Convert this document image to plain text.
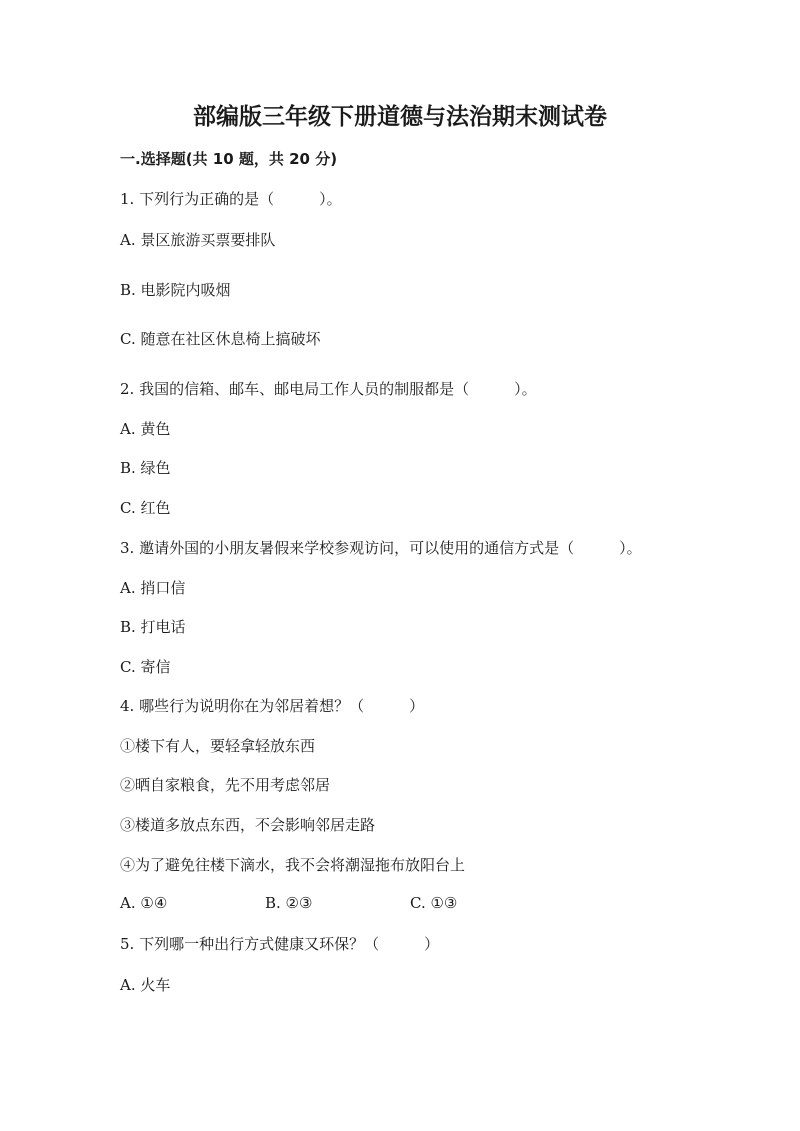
部编版三年级下册道德与法治期末测试卷
一.选择题(共 10 题，共 20 分)
1. 下列行为正确的是（　　　）。
A. 景区旅游买票要排队
B. 电影院内吸烟
C. 随意在社区休息椅上搞破坏
2. 我国的信箱、邮车、邮电局工作人员的制服都是（　　　）。
A. 黄色
B. 绿色
C. 红色
3. 邀请外国的小朋友暑假来学校参观访问，可以使用的通信方式是（　　　）。
A. 捎口信
B. 打电话
C. 寄信
4. 哪些行为说明你在为邻居着想？（　　　）
①楼下有人，要轻拿轻放东西
②晒自家粮食，先不用考虑邻居
③楼道多放点东西，不会影响邻居走路
④为了避免往楼下滴水，我不会将潮湿拖布放阳台上
A. ①④	B. ②③	C. ①③
5. 下列哪一种出行方式健康又环保？（　　　）
A. 火车
